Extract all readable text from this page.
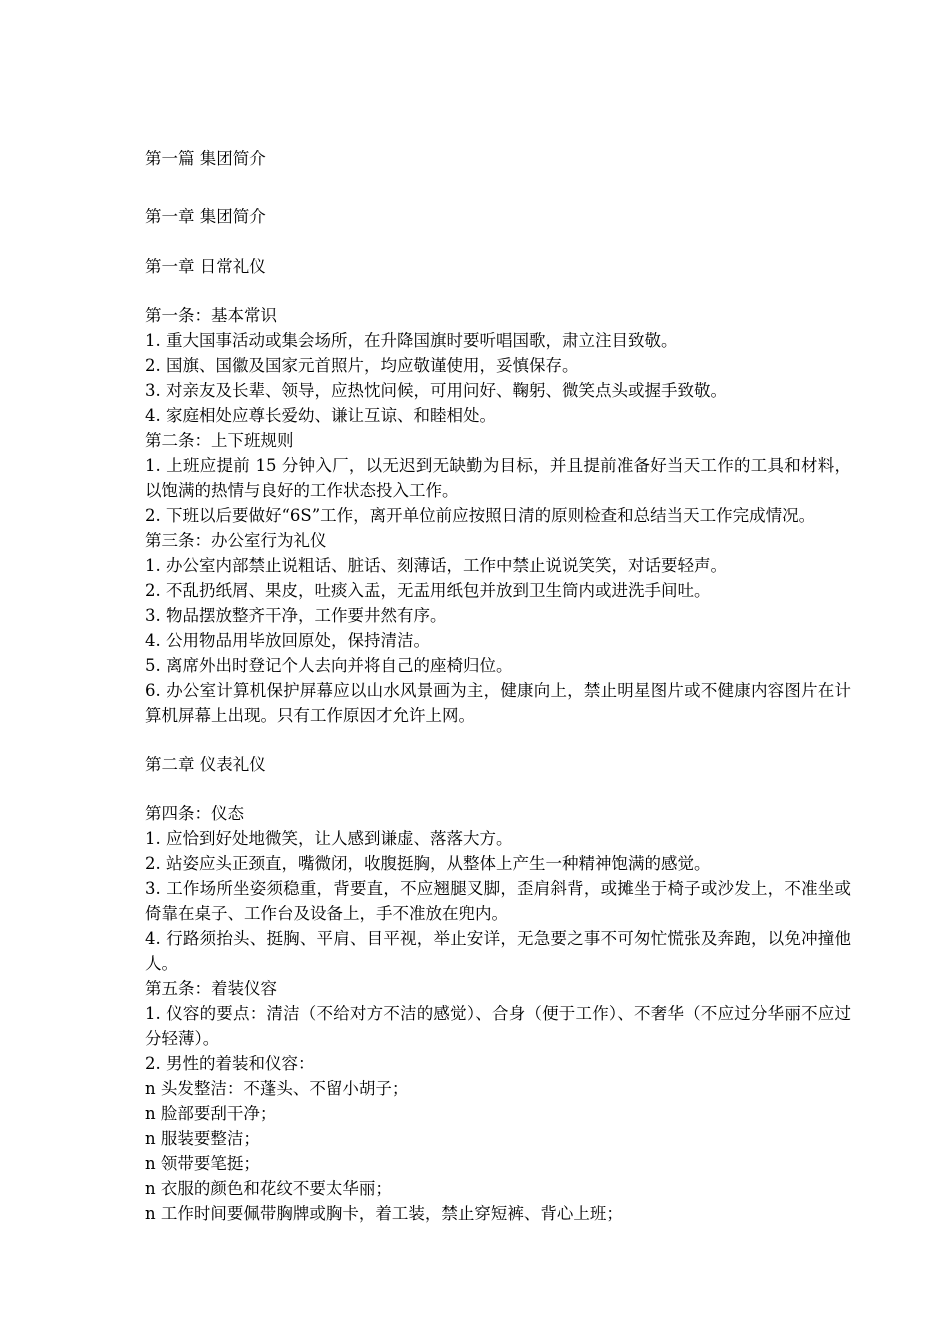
第一篇 集团简介

第一章 集团简介

第一章 日常礼仪

第一条：基本常识

1. 重大国事活动或集会场所，在升降国旗时要听唱国歌，肃立注目致敬。

2. 国旗、国徽及国家元首照片，均应敬谨使用，妥慎保存。

3. 对亲友及长辈、领导，应热忱问候，可用问好、鞠躬、微笑点头或握手致敬。

4. 家庭相处应尊长爱幼、谦让互谅、和睦相处。

第二条：上下班规则

1. 上班应提前 15 分钟入厂，以无迟到无缺勤为目标，并且提前准备好当天工作的工具和材料，以饱满的热情与良好的工作状态投入工作。

2. 下班以后要做好“6S”工作，离开单位前应按照日清的原则检查和总结当天工作完成情况。

第三条：办公室行为礼仪

1. 办公室内部禁止说粗话、脏话、刻薄话，工作中禁止说说笑笑，对话要轻声。

2. 不乱扔纸屑、果皮，吐痰入盂，无盂用纸包并放到卫生筒内或进洗手间吐。

3. 物品摆放整齐干净，工作要井然有序。

4. 公用物品用毕放回原处，保持清洁。

5. 离席外出时登记个人去向并将自己的座椅归位。

6. 办公室计算机保护屏幕应以山水风景画为主，健康向上，禁止明星图片或不健康内容图片在计算机屏幕上出现。只有工作原因才允许上网。

第二章 仪表礼仪

第四条：仪态

1. 应恰到好处地微笑，让人感到谦虚、落落大方。

2. 站姿应头正颈直，嘴微闭，收腹挺胸，从整体上产生一种精神饱满的感觉。

3. 工作场所坐姿须稳重，背要直，不应翘腿叉脚，歪肩斜背，或摊坐于椅子或沙发上，不准坐或倚靠在桌子、工作台及设备上，手不准放在兜内。

4. 行路须抬头、挺胸、平肩、目平视，举止安详，无急要之事不可匆忙慌张及奔跑，以免冲撞他人。

第五条：着装仪容

1. 仪容的要点：清洁（不给对方不洁的感觉）、合身（便于工作）、不奢华（不应过分华丽不应过分轻薄）。

2. 男性的着装和仪容：

n 头发整洁：不蓬头、不留小胡子；

n 脸部要刮干净；

n 服装要整洁；

n 领带要笔挺；

n 衣服的颜色和花纹不要太华丽；

n 工作时间要佩带胸牌或胸卡，着工装，禁止穿短裤、背心上班；
